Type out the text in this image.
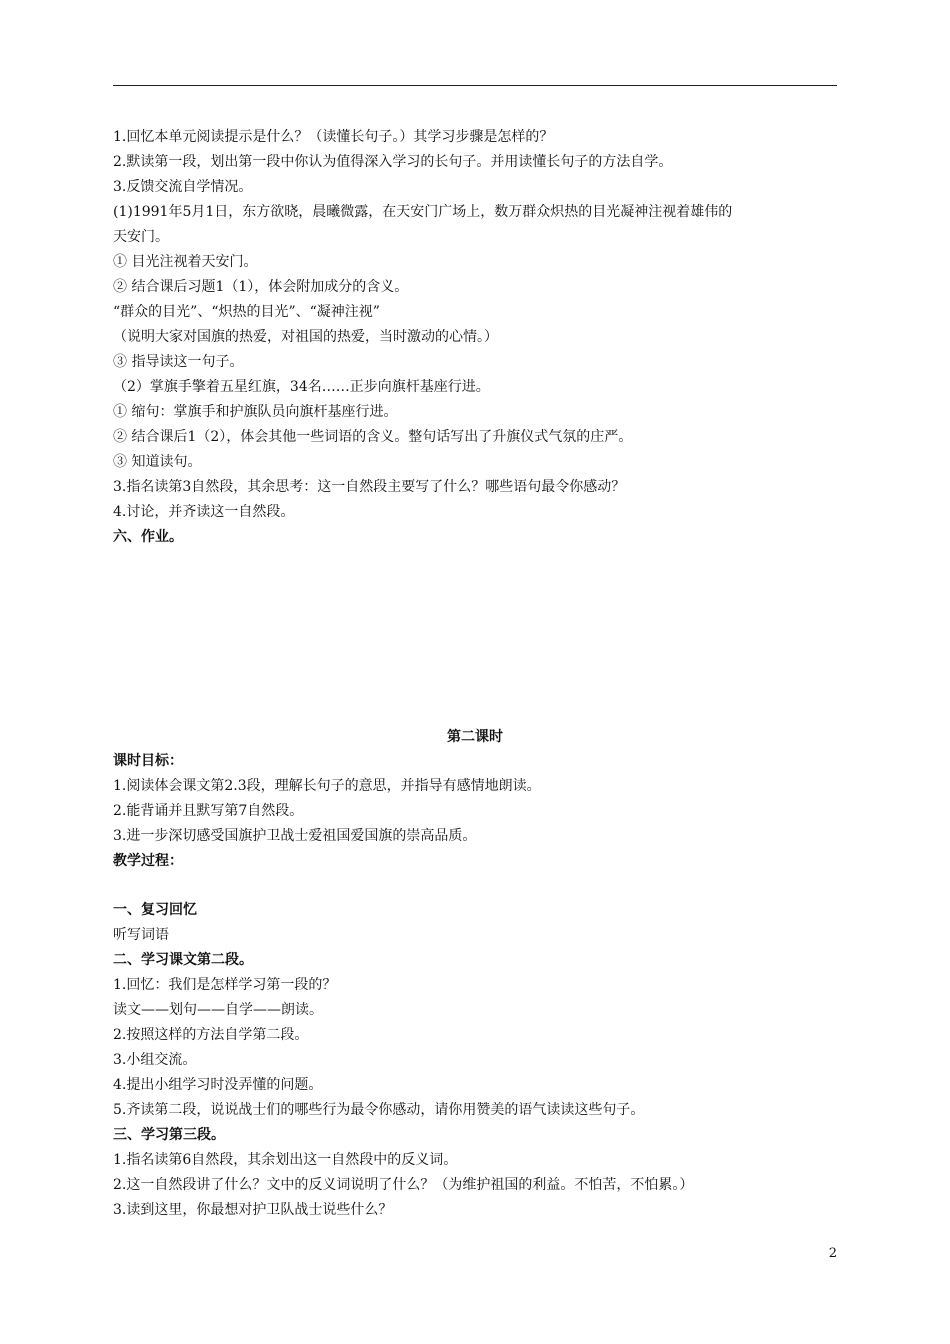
1.回忆本单元阅读提示是什么？（读懂长句子。）其学习步骤是怎样的？
2.默读第一段，划出第一段中你认为值得深入学习的长句子。并用读懂长句子的方法自学。
3.反馈交流自学情况。
(1)1991年5月1日，东方欲晓，晨曦微露，在天安门广场上，数万群众炽热的目光凝神注视着雄伟的
天安门。
① 目光注视着天安门。
② 结合课后习题1（1），体会附加成分的含义。
“群众的目光”、“炽热的目光”、“凝神注视”
（说明大家对国旗的热爱，对祖国的热爱，当时激动的心情。）
③ 指导读这一句子。
（2）掌旗手擎着五星红旗，34名……正步向旗杆基座行进。
① 缩句：掌旗手和护旗队员向旗杆基座行进。
② 结合课后1（2），体会其他一些词语的含义。整句话写出了升旗仪式气氛的庄严。
③ 知道读句。
3.指名读第3自然段，其余思考：这一自然段主要写了什么？哪些语句最令你感动？
4.讨论，并齐读这一自然段。
六、作业。
第二课时
课时目标：
1.阅读体会课文第2.3段，理解长句子的意思，并指导有感情地朗读。
2.能背诵并且默写第7自然段。
3.进一步深切感受国旗护卫战士爱祖国爱国旗的崇高品质。
教学过程：
一、复习回忆
听写词语
二、学习课文第二段。
1.回忆：我们是怎样学习第一段的？
读文——划句——自学——朗读。
2.按照这样的方法自学第二段。
3.小组交流。
4.提出小组学习时没弄懂的问题。
5.齐读第二段，说说战士们的哪些行为最令你感动，请你用赞美的语气读读这些句子。
三、学习第三段。
1.指名读第6自然段，其余划出这一自然段中的反义词。
2.这一自然段讲了什么？文中的反义词说明了什么？（为维护祖国的利益。不怕苦，不怕累。）
3.读到这里，你最想对护卫队战士说些什么？
2
